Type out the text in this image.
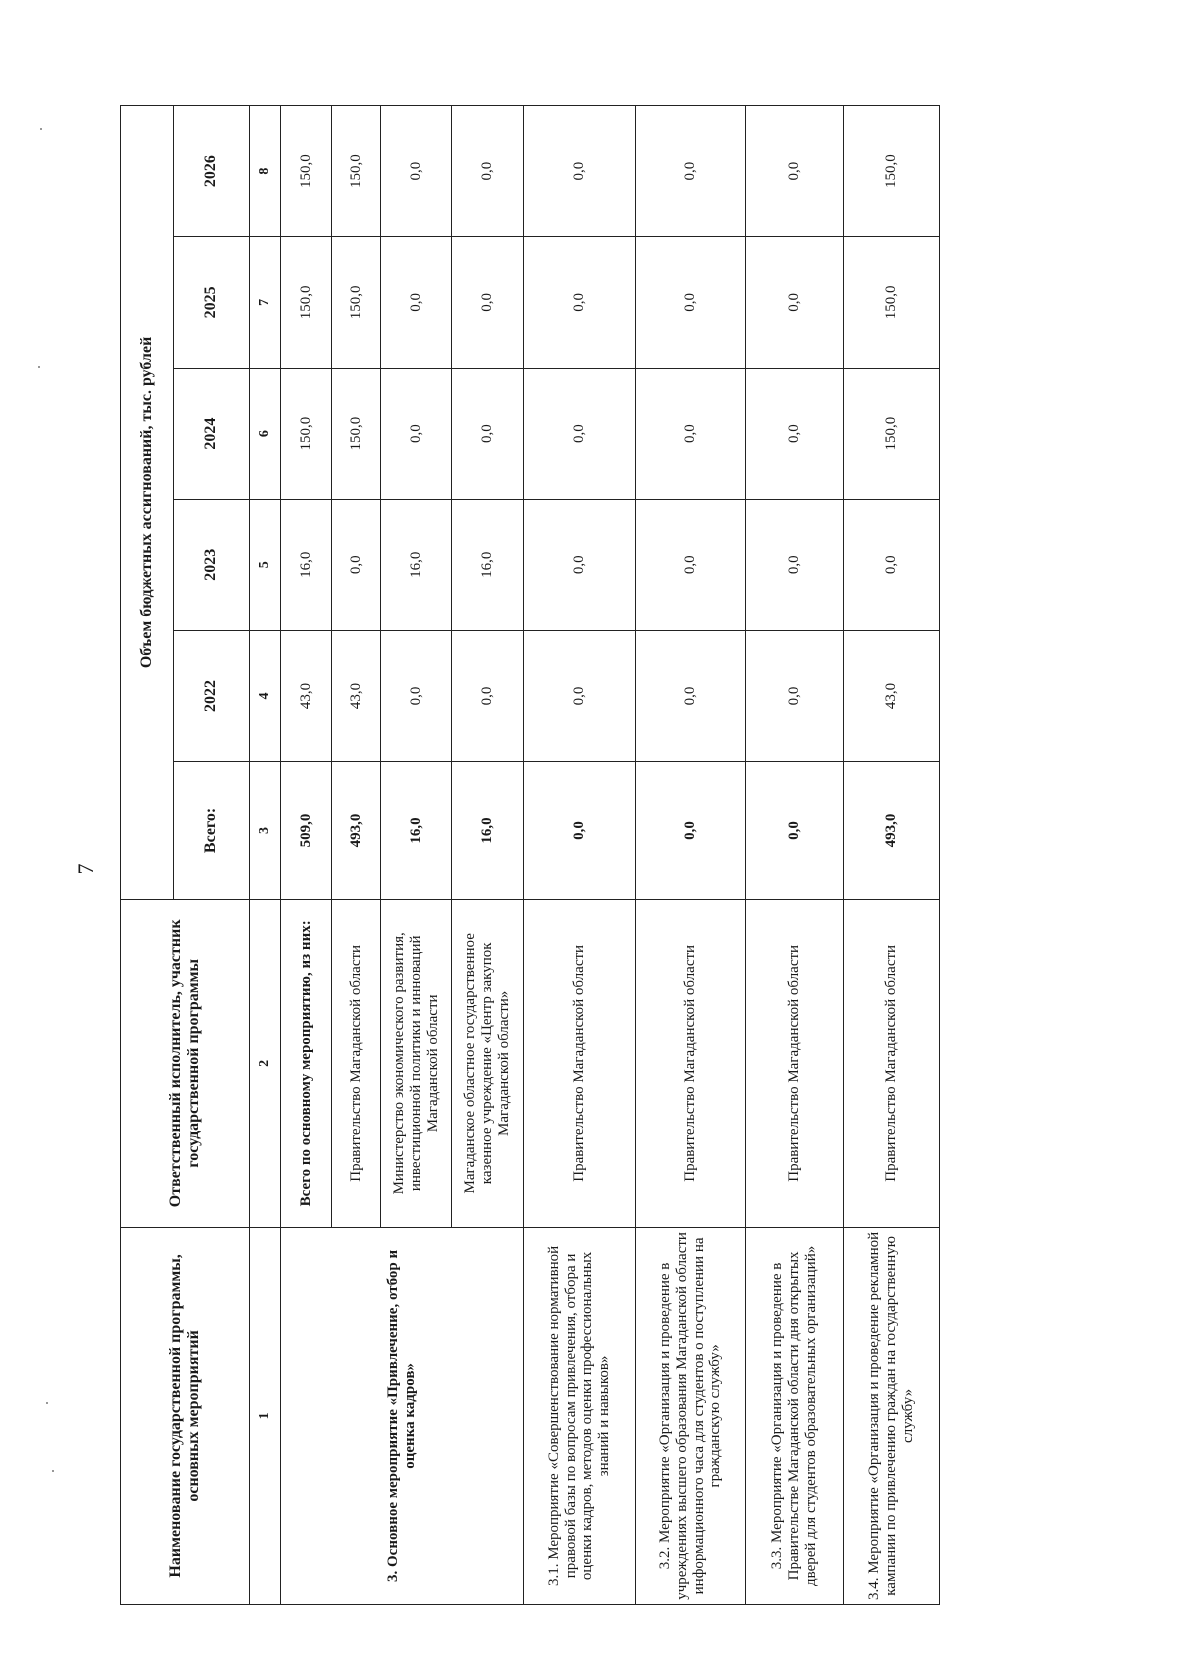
7
Наименование государственной программы, основных мероприятий	Ответственный исполнитель, участник государственной программы	Объем бюджетных ассигнований, тыс. рублей					
		Всего:	2022	2023	2024	2025	2026
1	2	3	4	5	6	7	8
3. Основное мероприятие «Привлечение, отбор и оценка кадров»	Всего по основному мероприятию, из них:	509,0	43,0	16,0	150,0	150,0	150,0
	Правительство Магаданской области	493,0	43,0	0,0	150,0	150,0	150,0
	Министерство экономического развития, инвестиционной политики и инноваций Магаданской области	16,0	0,0	16,0	0,0	0,0	0,0
	Магаданское областное государственное казенное учреждение «Центр закупок Магаданской области»	16,0	0,0	16,0	0,0	0,0	0,0
3.1. Мероприятие «Совершенствование нормативной правовой базы по вопросам привлечения, отбора и оценки кадров, методов оценки профессиональных знаний и навыков»	Правительство Магаданской области	0,0	0,0	0,0	0,0	0,0	0,0
3.2. Мероприятие «Организация и проведение в учреждениях высшего образования Магаданской области информационного часа для студентов о поступлении на гражданскую службу»	Правительство Магаданской области	0,0	0,0	0,0	0,0	0,0	0,0
3.3. Мероприятие «Организация и проведение в Правительстве Магаданской области дня открытых дверей для студентов образовательных организаций»	Правительство Магаданской области	0,0	0,0	0,0	0,0	0,0	0,0
3.4. Мероприятие «Организация и проведение рекламной кампании по привлечению граждан на государственную службу»	Правительство Магаданской области	493,0	43,0	0,0	150,0	150,0	150,0
